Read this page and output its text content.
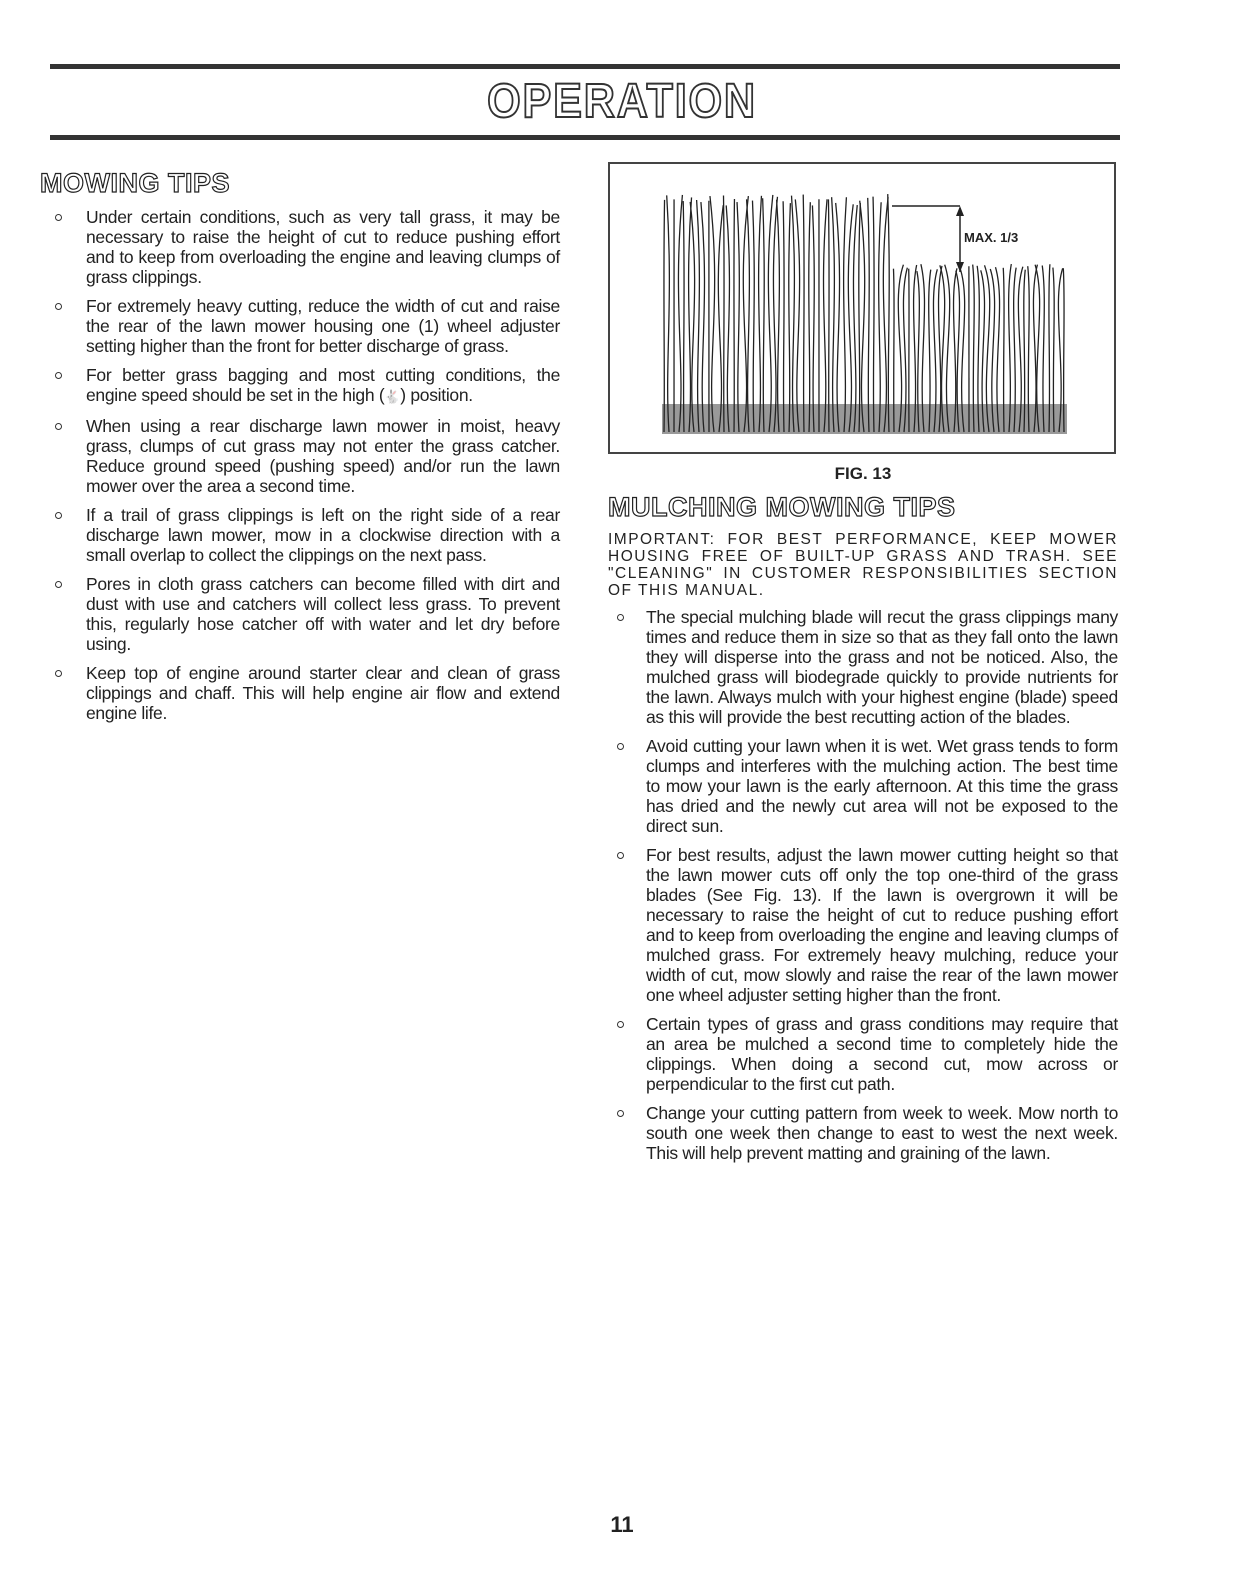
OPERATION
MOWING TIPS
Under certain conditions, such as very tall grass, it may be necessary to raise the height of cut to reduce pushing effort and to keep from overloading the engine and leaving clumps of grass clippings.
For extremely heavy cutting, reduce the width of cut and raise the rear of the lawn mower housing one (1) wheel adjuster setting higher than the front for better discharge of grass.
For better grass bagging and most cutting conditions, the engine speed should be set in the high (🐇) position.
When using a rear discharge lawn mower in moist, heavy grass, clumps of cut grass may not enter the grass catcher. Reduce ground speed (pushing speed) and/or run the lawn mower over the area a second time.
If a trail of grass clippings is left on the right side of a rear discharge lawn mower, mow in a clockwise direction with a small overlap to collect the clippings on the next pass.
Pores in cloth grass catchers can become filled with dirt and dust with use and catchers will collect less grass. To prevent this, regularly hose catcher off with water and let dry before using.
Keep top of engine around starter clear and clean of grass clippings and chaff. This will help engine air flow and extend engine life.
MAX. 1/3
FIG. 13
MULCHING MOWING TIPS
IMPORTANT: FOR BEST PERFORMANCE, KEEP MOWER HOUSING FREE OF BUILT-UP GRASS AND TRASH. SEE "CLEANING" IN CUSTOMER RESPONSIBILITIES SECTION OF THIS MANUAL.
The special mulching blade will recut the grass clippings many times and reduce them in size so that as they fall onto the lawn they will disperse into the grass and not be noticed. Also, the mulched grass will biodegrade quickly to provide nutrients for the lawn. Always mulch with your highest engine (blade) speed as this will provide the best recutting action of the blades.
Avoid cutting your lawn when it is wet. Wet grass tends to form clumps and interferes with the mulching action. The best time to mow your lawn is the early afternoon. At this time the grass has dried and the newly cut area will not be exposed to the direct sun.
For best results, adjust the lawn mower cutting height so that the lawn mower cuts off only the top one-third of the grass blades (See Fig. 13). If the lawn is overgrown it will be necessary to raise the height of cut to reduce pushing effort and to keep from overloading the engine and leaving clumps of mulched grass. For extremely heavy mulching, reduce your width of cut, mow slowly and raise the rear of the lawn mower one wheel adjuster setting higher than the front.
Certain types of grass and grass conditions may require that an area be mulched a second time to completely hide the clippings. When doing a second cut, mow across or perpendicular to the first cut path.
Change your cutting pattern from week to week. Mow north to south one week then change to east to west the next week. This will help prevent matting and graining of the lawn.
11
